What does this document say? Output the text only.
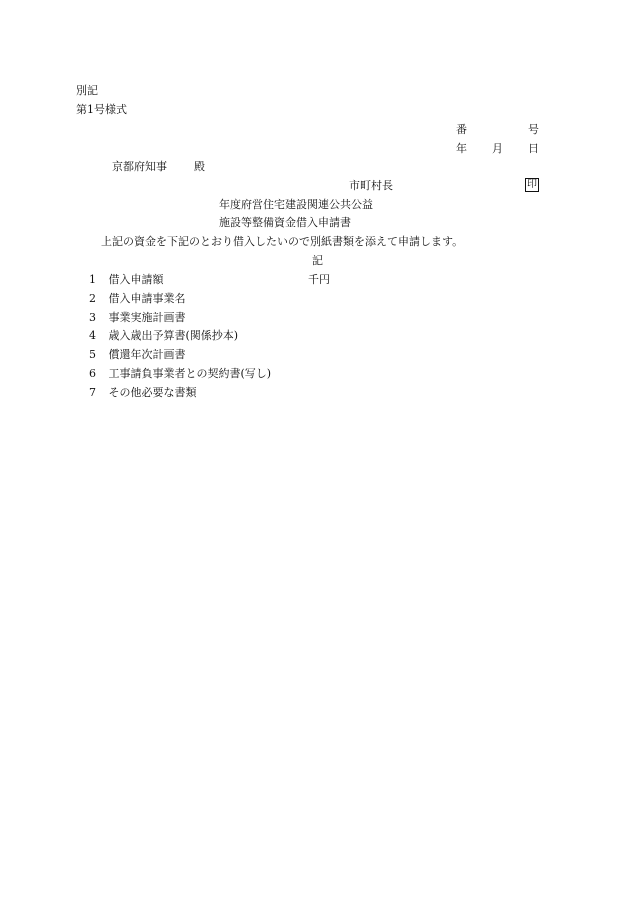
別記
第1号様式
番	号
年 月 日
京都府知事 殿
市町村長	印
年度府営住宅建設関連公共公益
施設等整備資金借入申請書
上記の資金を下記のとおり借入したいので別紙書類を添えて申請します。
記
1 借入申請額	千円
2 借入申請事業名
3 事業実施計画書
4 歳入歳出予算書(関係抄本)
5 償還年次計画書
6 工事請負事業者との契約書(写し)
7 その他必要な書類
